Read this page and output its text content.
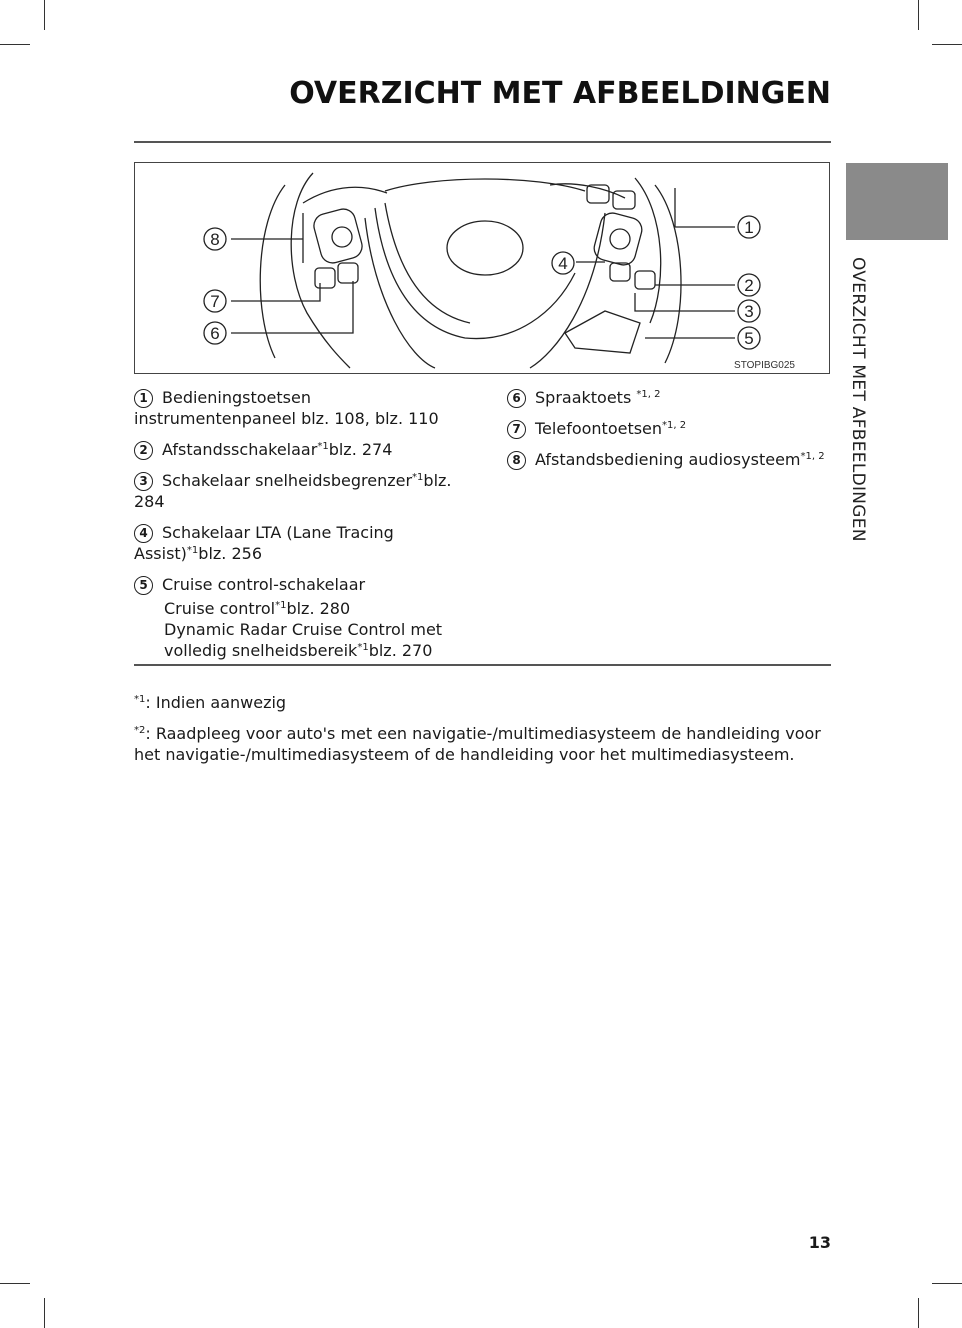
OVERZICHT MET AFBEELDINGEN
OVERZICHT MET AFBEELDINGEN
8
7
6
4
1
2
3
5
STOPIBG025
1 Bedieningstoetsen
instrumentenpaneel blz. 108, blz. 110
2 Afstandsschakelaar$^{*1}$blz. 274
3 Schakelaar snelheidsbegrenzer$^{*1}$blz.
284
4 Schakelaar LTA (Lane Tracing
Assist)$^{*1}$blz. 256
5 Cruise control-schakelaar
Cruise control$^{*1}$blz. 280
Dynamic Radar Cruise Control met
volledig snelheidsbereik$^{*1}$blz. 270
6 Spraaktoets $^{*1, 2}$
7 Telefoontoetsen$^{*1, 2}$
8 Afstandsbediening audiosysteem$^{*1, 2}$
$^{*1}$: Indien aanwezig
$^{*2}$: Raadpleeg voor auto's met een navigatie-/multimediasysteem de handleiding voor het navigatie-/multimediasysteem of de handleiding voor het multimediasysteem.
13
